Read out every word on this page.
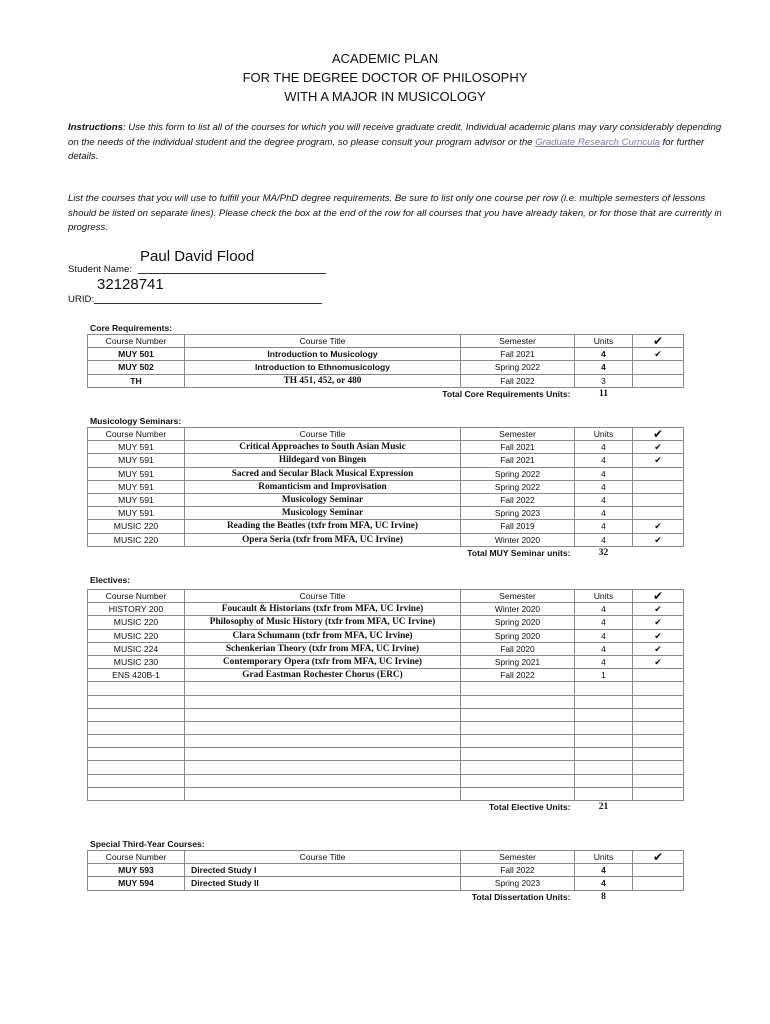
ACADEMIC PLAN
FOR THE DEGREE DOCTOR OF PHILOSOPHY
WITH A MAJOR IN MUSICOLOGY
Instructions: Use this form to list all of the courses for which you will receive graduate credit. Individual academic plans may vary considerably depending on the needs of the individual student and the degree program, so please consult your program advisor or the Graduate Research Curricula for further details.
List the courses that you will use to fulfill your MA/PhD degree requirements. Be sure to list only one course per row (i.e. multiple semesters of lessons should be listed on separate lines). Please check the box at the end of the row for all courses that you have already taken, or for those that are currently in progress.
Paul David Flood
Student Name:
32128741
URID:
Core Requirements:
Course Number	Course Title	Semester	Units	✔
MUY 501	Introduction to Musicology	Fall 2021	4	✔
MUY 502	Introduction to Ethnomusicology	Spring 2022	4	
TH	TH 451, 452, or 480	Fall 2022	3	
Total Core Requirements Units:			11	
Musicology Seminars:
Course Number	Course Title	Semester	Units	✔
MUY 591	Critical Approaches to South Asian Music	Fall 2021	4	✔
MUY 591	Hildegard von Bingen	Fall 2021	4	✔
MUY 591	Sacred and Secular Black Musical Expression	Spring 2022	4	
MUY 591	Romanticism and Improvisation	Spring 2022	4	
MUY 591	Musicology Seminar	Fall 2022	4	
MUY 591	Musicology Seminar	Spring 2023	4	
MUSIC 220	Reading the Beatles (txfr from MFA, UC Irvine)	Fall 2019	4	✔
MUSIC 220	Opera Seria (txfr from MFA, UC Irvine)	Winter 2020	4	✔
Total MUY Seminar units:			32	
Electives:
Course Number	Course Title	Semester	Units	✔
HISTORY 200	Foucault & Historians (txfr from MFA, UC Irvine)	Winter 2020	4	✔
MUSIC 220	Philosophy of Music History (txfr from MFA, UC Irvine)	Spring 2020	4	✔
MUSIC 220	Clara Schumann (txfr from MFA, UC Irvine)	Spring 2020	4	✔
MUSIC 224	Schenkerian Theory (txfr from MFA, UC Irvine)	Fall 2020	4	✔
MUSIC 230	Contemporary Opera (txfr from MFA, UC Irvine)	Spring 2021	4	✔
ENS 420B-1	Grad Eastman Rochester Chorus (ERC)	Fall 2022	1	

Total Elective Units:			21	
Special Third-Year Courses:
Course Number	Course Title	Semester	Units	✔
MUY 593	Directed Study I	Fall 2022	4	
MUY 594	Directed Study II	Spring 2023	4	
Total Dissertation Units:			8	
